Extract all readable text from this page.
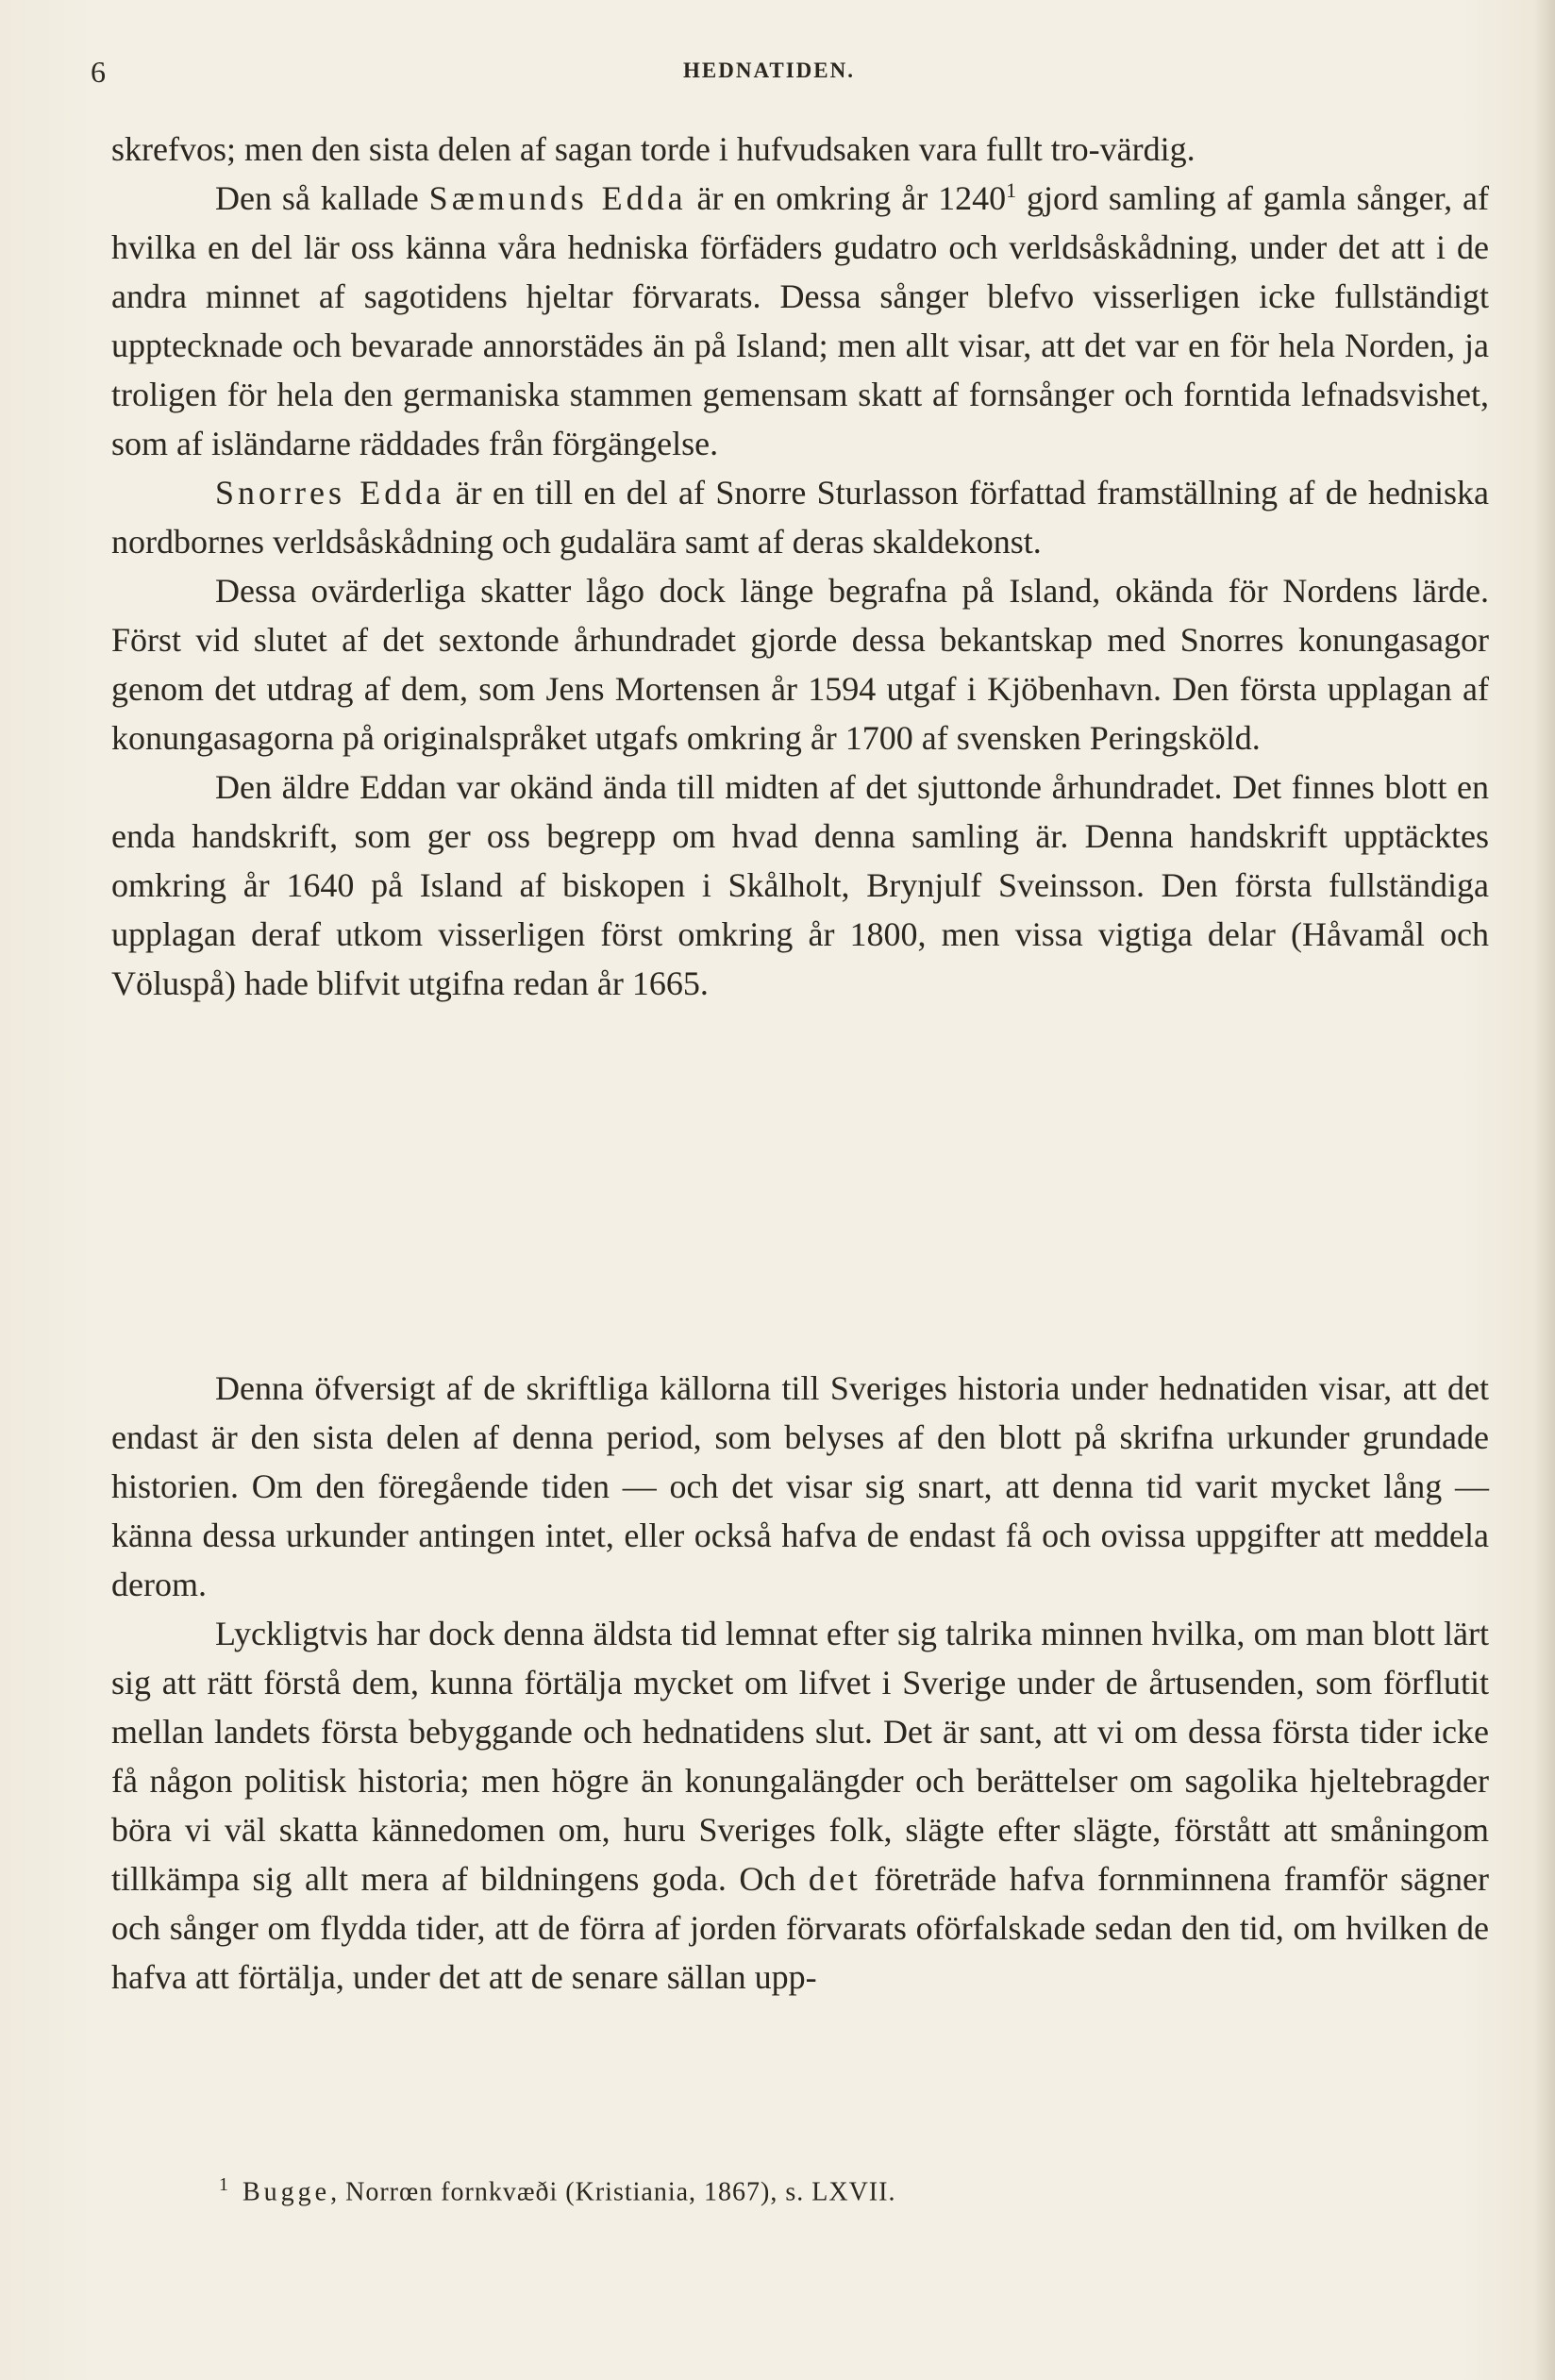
6	HEDNATIDEN.

skrefvos; men den sista delen af sagan torde i hufvudsaken vara fullt tro-värdig.

Den så kallade Sæmunds Edda är en omkring år 1240$^1$ gjord samling af gamla sånger, af hvilka en del lär oss känna våra hedniska förfäders gudatro och verldsåskådning, under det att i de andra minnet af sagotidens hjeltar förvarats. Dessa sånger blefvo visserligen icke fullständigt upptecknade och bevarade annorstädes än på Island; men allt visar, att det var en för hela Norden, ja troligen för hela den germaniska stammen gemensam skatt af fornsånger och forntida lefnadsvishet, som af isländarne räddades från förgängelse.

Snorres Edda är en till en del af Snorre Sturlasson författad framställning af de hedniska nordbornes verldsåskådning och gudalära samt af deras skaldekonst.

Dessa ovärderliga skatter lågo dock länge begrafna på Island, okända för Nordens lärde. Först vid slutet af det sextonde århundradet gjorde dessa bekantskap med Snorres konungasagor genom det utdrag af dem, som Jens Mortensen år 1594 utgaf i Kjöbenhavn. Den första upplagan af konungasagorna på originalspråket utgafs omkring år 1700 af svensken Peringsköld.

Den äldre Eddan var okänd ända till midten af det sjuttonde århundradet. Det finnes blott en enda handskrift, som ger oss begrepp om hvad denna samling är. Denna handskrift upptäcktes omkring år 1640 på Island af biskopen i Skålholt, Brynjulf Sveinsson. Den första fullständiga upplagan deraf utkom visserligen först omkring år 1800, men vissa vigtiga delar (Håvamål och Völuspå) hade blifvit utgifna redan år 1665.

Denna öfversigt af de skriftliga källorna till Sveriges historia under hednatiden visar, att det endast är den sista delen af denna period, som belyses af den blott på skrifna urkunder grundade historien. Om den föregående tiden — och det visar sig snart, att denna tid varit mycket lång — känna dessa urkunder antingen intet, eller också hafva de endast få och ovissa uppgifter att meddela derom.

Lyckligtvis har dock denna äldsta tid lemnat efter sig talrika minnen hvilka, om man blott lärt sig att rätt förstå dem, kunna förtälja mycket om lifvet i Sverige under de årtusenden, som förflutit mellan landets första bebyggande och hednatidens slut. Det är sant, att vi om dessa första tider icke få någon politisk historia; men högre än konungalängder och berättelser om sagolika hjeltebragder böra vi väl skatta kännedomen om, huru Sveriges folk, slägte efter slägte, förstått att småningom tillkämpa sig allt mera af bildningens goda. Och det företräde hafva fornminnena framför sägner och sånger om flydda tider, att de förra af jorden förvarats oförfalskade sedan den tid, om hvilken de hafva att förtälja, under det att de senare sällan upp-

$^1$ Bugge, Norrœn fornkvæði (Kristiania, 1867), s. LXVII.
